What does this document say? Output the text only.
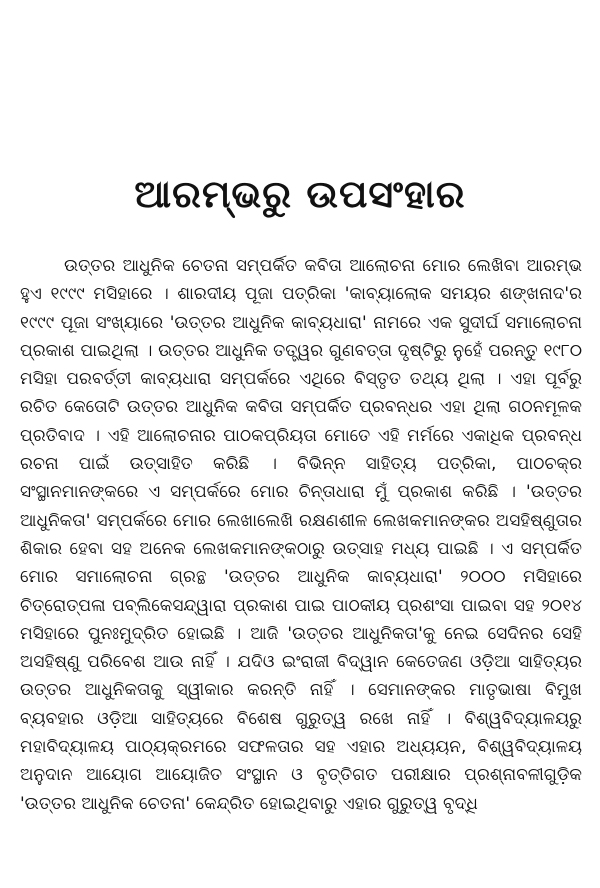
ଆରମ୍ଭରୁ ଉପସଂହାର

ଉତ୍ତର ଆଧୁନିକ ଚେତନା ସମ୍ପର୍କିତ କବିତା ଆଲୋଚନା ମୋର ଲେଖିବା ଆରମ୍ଭ ହୁଏ ୧୯୯୯ ମସିହାରେ । ଶାରଦୀୟ ପୂଜା ପତ୍ରିକା 'କାବ୍ୟାଲୋକ ସମୟର ଶଙ୍ଖନାଦ'ର ୧୯୯୯ ପୂଜା ସଂଖ୍ୟାରେ 'ଉତ୍ତର ଆଧୁନିକ କାବ୍ୟଧାରା' ନାମରେ ଏକ ସୁଦୀର୍ଘ ସମାଲୋଚନା ପ୍ରକାଶ ପାଇଥିଲା । ଉତ୍ତର ଆଧୁନିକ ତତ୍ତ୍ୱର ଗୁଣବତ୍ତା ଦୃଷ୍ଟିରୁ ନୁହେଁ ପରନ୍ତୁ ୧୯୮୦ ମସିହା ପରବର୍ତ୍ତୀ କାବ୍ୟଧାରା ସମ୍ପର୍କରେ ଏଥିରେ ବିସ୍ତୃତ ତଥ୍ୟ ଥିଲା । ଏହା ପୂର୍ବରୁ ରଚିତ କେତୋଟି ଉତ୍ତର ଆଧୁନିକ କବିତା ସମ୍ପର୍କିତ ପ୍ରବନ୍ଧର ଏହା ଥିଲା ଗଠନମୂଳକ ପ୍ରତିବାଦ । ଏହି ଆଲୋଚନାର ପାଠକପ୍ରିୟତା ମୋତେ ଏହି ମର୍ମରେ ଏକାଧିକ ପ୍ରବନ୍ଧ ରଚନା ପାଇଁ ଉତ୍ସାହିତ କରିଛି । ବିଭିନ୍ନ ସାହିତ୍ୟ ପତ୍ରିକା, ପାଠଚକ୍ର ସଂସ୍ଥାନମାନଙ୍କରେ ଏ ସମ୍ପର୍କରେ ମୋର ଚିନ୍ତାଧାରା ମୁଁ ପ୍ରକାଶ କରିଛି । 'ଉତ୍ତର ଆଧୁନିକତା' ସମ୍ପର୍କରେ ମୋର ଲେଖାଲେଖି ରକ୍ଷଣଶୀଳ ଲେଖକମାନଙ୍କର ଅସହିଷ୍ଣୁତାର ଶିକାର ହେବା ସହ ଅନେକ ଲେଖକମାନଙ୍କଠାରୁ ଉତ୍ସାହ ମଧ୍ୟ ପାଇଛି । ଏ ସମ୍ପର୍କିତ ମୋର ସମାଲୋଚନା ଗ୍ରନ୍ଥ 'ଉତ୍ତର ଆଧୁନିକ କାବ୍ୟଧାରା' ୨୦୦୦ ମସିହାରେ ଚିତ୍ରୋତ୍ପଳା ପବ୍ଲିକେସନ୍ଦ୍ୱାରା ପ୍ରକାଶ ପାଇ ପାଠକୀୟ ପ୍ରଶଂସା ପାଇବା ସହ ୨୦୧୪ ମସିହାରେ ପୁନଃମୁଦ୍ରିତ ହୋଇଛି । ଆଜି 'ଉତ୍ତର ଆଧୁନିକତା'କୁ ନେଇ ସେଦିନର ସେହି ଅସହିଷ୍ଣୁ ପରିବେଶ ଆଉ ନାହିଁ । ଯଦିଓ ଇଂରାଜୀ ବିଦ୍ୱାନ କେତେଜଣ ଓଡ଼ିଆ ସାହିତ୍ୟର ଉତ୍ତର ଆଧୁନିକତାକୁ ସ୍ୱୀକାର କରନ୍ତି ନାହିଁ । ସେମାନଙ୍କର ମାତୃଭାଷା ବିମୁଖ ବ୍ୟବହାର ଓଡ଼ିଆ ସାହିତ୍ୟରେ ବିଶେଷ ଗୁରୁତ୍ୱ ରଖେ ନାହିଁ । ବିଶ୍ୱବିଦ୍ୟାଳୟରୁ ମହାବିଦ୍ୟାଳୟ ପାଠ୍ୟକ୍ରମରେ ସଫଳତାର ସହ ଏହାର ଅଧ୍ୟୟନ, ବିଶ୍ୱବିଦ୍ୟାଳୟ ଅନୁଦାନ ଆୟୋଗ ଆୟୋଜିତ ସଂସ୍ଥାନ ଓ ବୃତ୍ତିଗତ ପରୀକ୍ଷାର ପ୍ରଶ୍ନାବଳୀଗୁଡ଼ିକ 'ଉତ୍ତର ଆଧୁନିକ ଚେତନା' କେନ୍ଦ୍ରିତ ହୋଇଥିବାରୁ ଏହାର ଗୁରୁତ୍ୱ ବୃଦ୍ଧି
